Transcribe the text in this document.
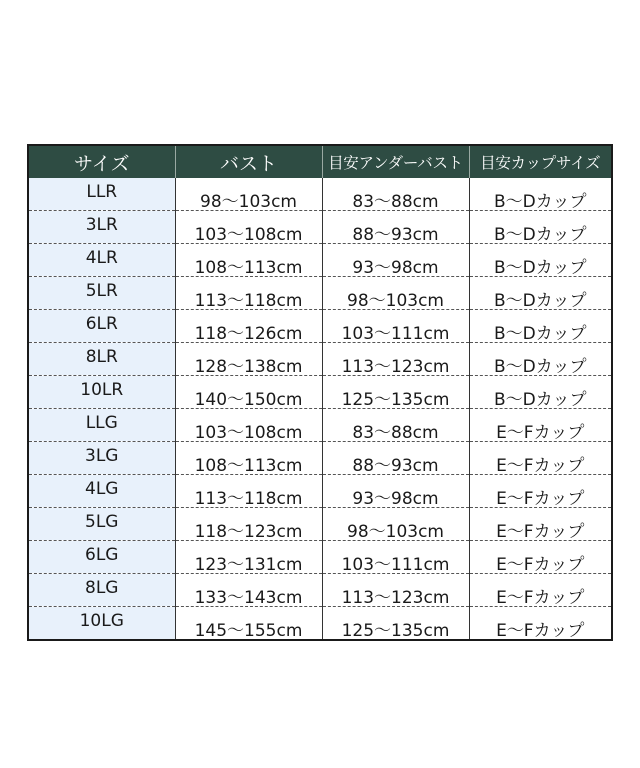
サイズ	バスト	目安アンダーバスト	目安カップサイズ
LLR	98～103cm	83～88cm	B～Dカップ
3LR	103～108cm	88～93cm	B～Dカップ
4LR	108～113cm	93～98cm	B～Dカップ
5LR	113～118cm	98～103cm	B～Dカップ
6LR	118～126cm	103～111cm	B～Dカップ
8LR	128～138cm	113～123cm	B～Dカップ
10LR	140～150cm	125～135cm	B～Dカップ
LLG	103～108cm	83～88cm	E～Fカップ
3LG	108～113cm	88～93cm	E～Fカップ
4LG	113～118cm	93～98cm	E～Fカップ
5LG	118～123cm	98～103cm	E～Fカップ
6LG	123～131cm	103～111cm	E～Fカップ
8LG	133～143cm	113～123cm	E～Fカップ
10LG	145～155cm	125～135cm	E～Fカップ
